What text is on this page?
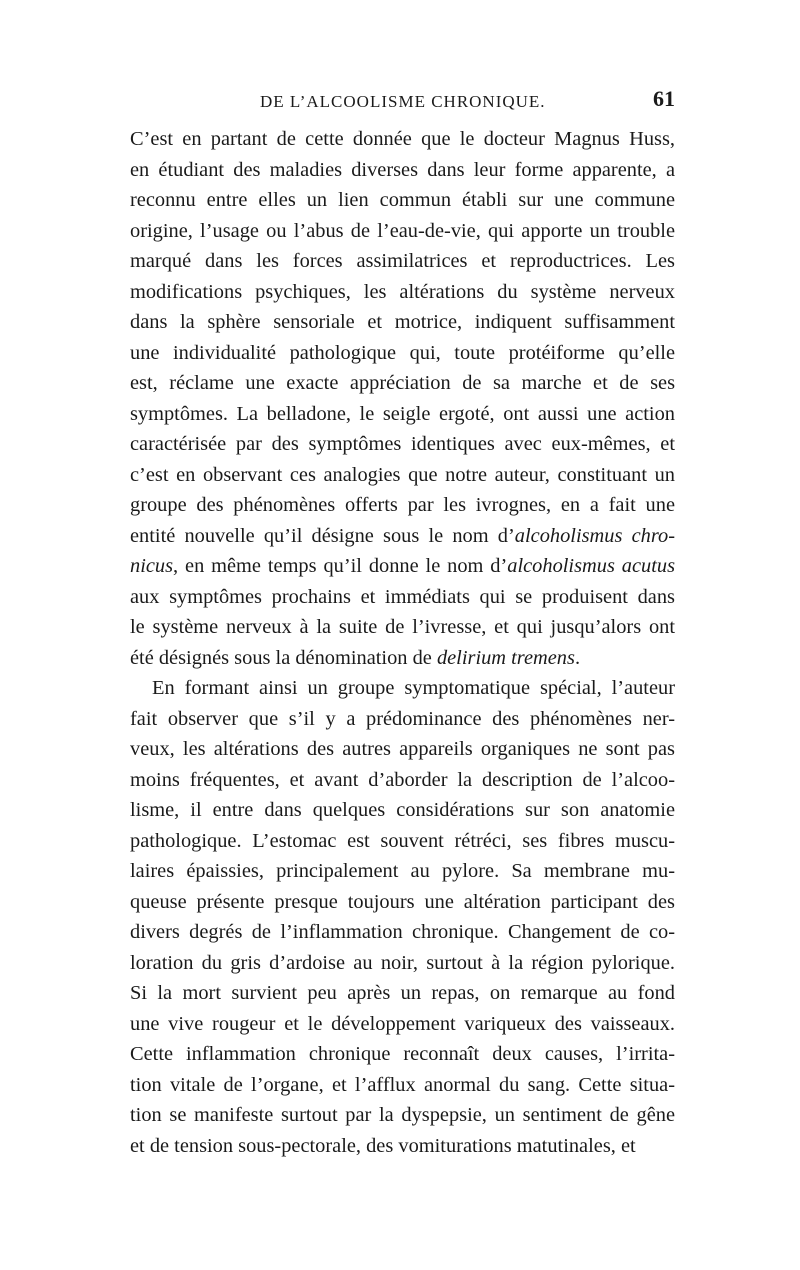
DE L’ALCOOLISME CHRONIQUE.	61
C’est en partant de cette donnée que le docteur Magnus Huss,
en étudiant des maladies diverses dans leur forme apparente, a
reconnu entre elles un lien commun établi sur une commune
origine, l’usage ou l’abus de l’eau-de-vie, qui apporte un trouble
marqué dans les forces assimilatrices et reproductrices. Les
modifications psychiques, les altérations du système nerveux
dans la sphère sensoriale et motrice, indiquent suffisamment
une individualité pathologique qui, toute protéiforme qu’elle
est, réclame une exacte appréciation de sa marche et de ses
symptômes. La belladone, le seigle ergoté, ont aussi une action
caractérisée par des symptômes identiques avec eux-mêmes, et
c’est en observant ces analogies que notre auteur, constituant un
groupe des phénomènes offerts par les ivrognes, en a fait une
entité nouvelle qu’il désigne sous le nom d’alcoholismus chro-
nicus, en même temps qu’il donne le nom d’alcoholismus acutus
aux symptômes prochains et immédiats qui se produisent dans
le système nerveux à la suite de l’ivresse, et qui jusqu’alors ont
été désignés sous la dénomination de delirium tremens.
En formant ainsi un groupe symptomatique spécial, l’auteur
fait observer que s’il y a prédominance des phénomènes ner-
veux, les altérations des autres appareils organiques ne sont pas
moins fréquentes, et avant d’aborder la description de l’alcoo-
lisme, il entre dans quelques considérations sur son anatomie
pathologique. L’estomac est souvent rétréci, ses fibres muscu-
laires épaissies, principalement au pylore. Sa membrane mu-
queuse présente presque toujours une altération participant des
divers degrés de l’inflammation chronique. Changement de co-
loration du gris d’ardoise au noir, surtout à la région pylorique.
Si la mort survient peu après un repas, on remarque au fond
une vive rougeur et le développement variqueux des vaisseaux.
Cette inflammation chronique reconnaît deux causes, l’irrita-
tion vitale de l’organe, et l’afflux anormal du sang. Cette situa-
tion se manifeste surtout par la dyspepsie, un sentiment de gêne
et de tension sous-pectorale, des vomiturations matutinales, et
